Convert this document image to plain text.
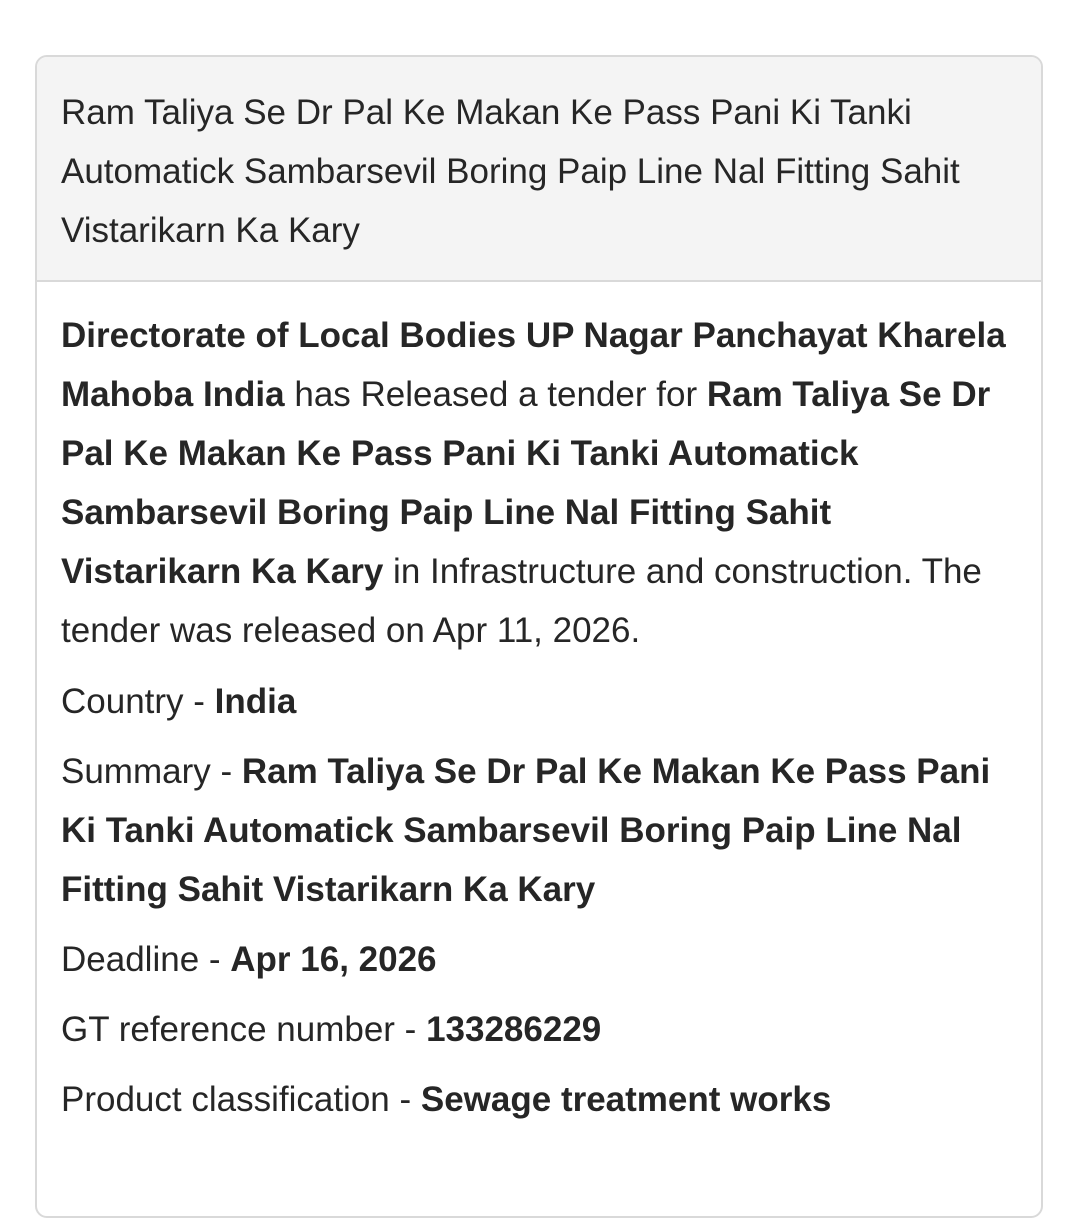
Ram Taliya Se Dr Pal Ke Makan Ke Pass Pani Ki Tanki Automatick Sambarsevil Boring Paip Line Nal Fitting Sahit Vistarikarn Ka Kary

Directorate of Local Bodies UP Nagar Panchayat Kharela Mahoba India has Released a tender for Ram Taliya Se Dr Pal Ke Makan Ke Pass Pani Ki Tanki Automatick Sambarsevil Boring Paip Line Nal Fitting Sahit Vistarikarn Ka Kary in Infrastructure and construction. The tender was released on Apr 11, 2026.

Country - India
Summary - Ram Taliya Se Dr Pal Ke Makan Ke Pass Pani Ki Tanki Automatick Sambarsevil Boring Paip Line Nal Fitting Sahit Vistarikarn Ka Kary
Deadline - Apr 16, 2026
GT reference number - 133286229
Product classification - Sewage treatment works
